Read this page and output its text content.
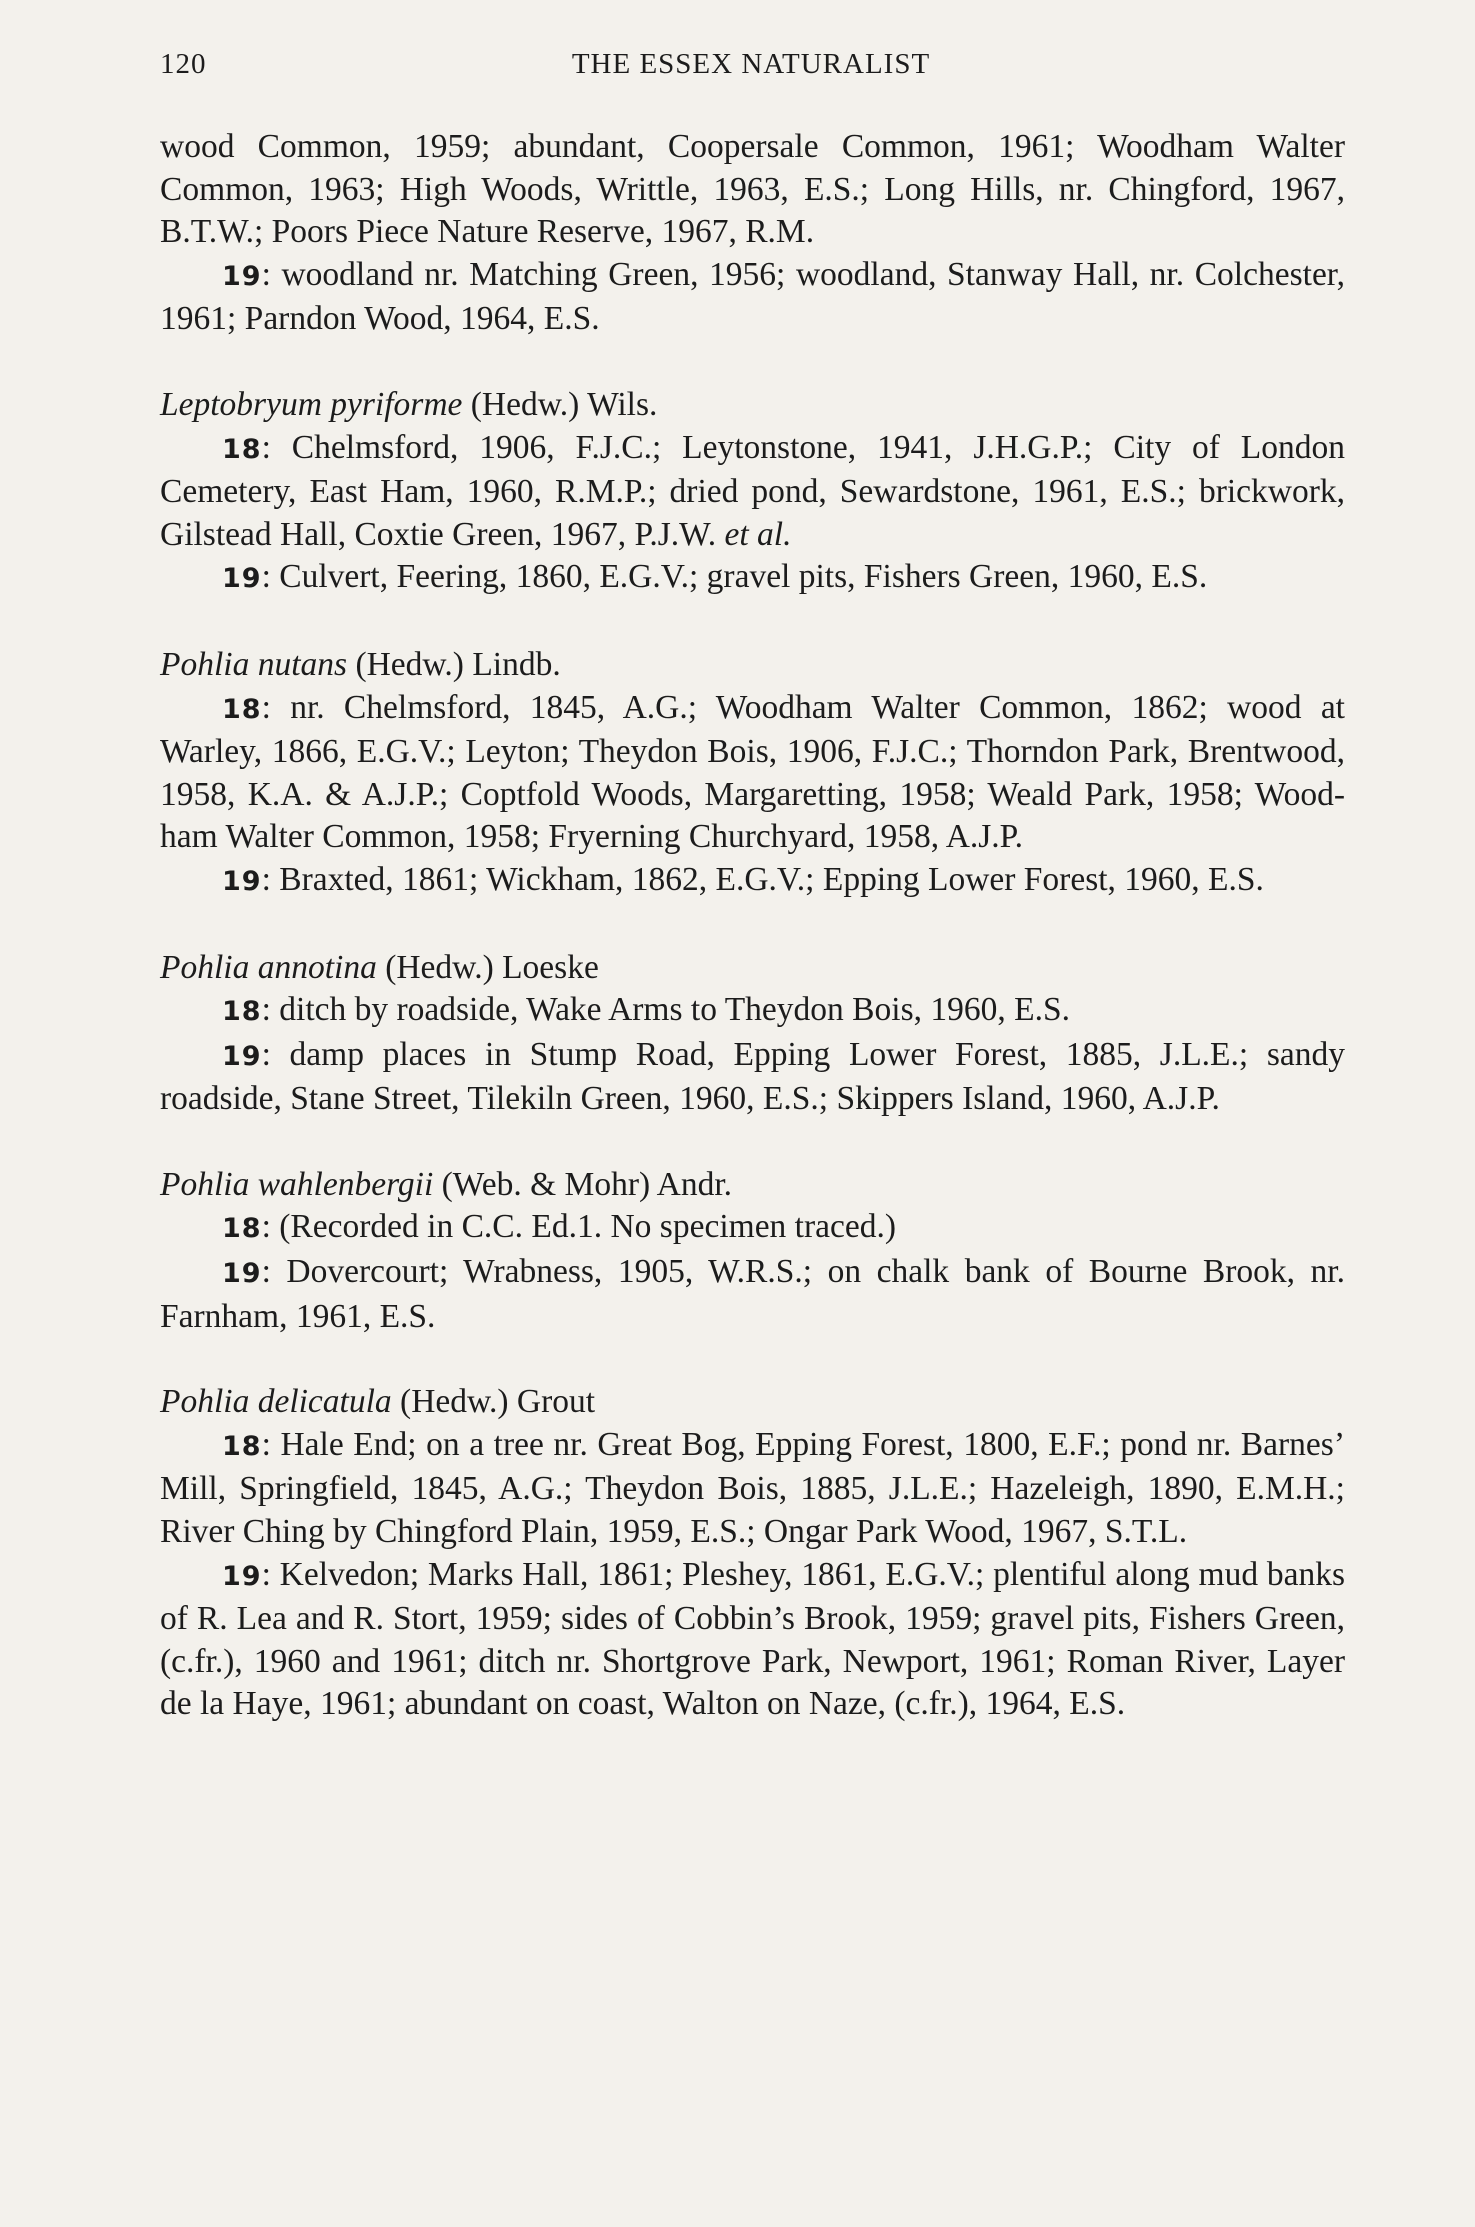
120	THE ESSEX NATURALIST

wood Common, 1959; abundant, Coopersale Common, 1961; Woodham Walter Common, 1963; High Woods, Writtle, 1963, E.S.; Long Hills, nr. Chingford, 1967, B.T.W.; Poors Piece Nature Reserve, 1967, R.M.

19: woodland nr. Matching Green, 1956; woodland, Stanway Hall, nr. Colchester, 1961; Parndon Wood, 1964, E.S.

Leptobryum pyriforme (Hedw.) Wils.

18: Chelmsford, 1906, F.J.C.; Leytonstone, 1941, J.H.G.P.; City of London Cemetery, East Ham, 1960, R.M.P.; dried pond, Sewardstone, 1961, E.S.; brickwork, Gilstead Hall, Coxtie Green, 1967, P.J.W. et al.

19: Culvert, Feering, 1860, E.G.V.; gravel pits, Fishers Green, 1960, E.S.

Pohlia nutans (Hedw.) Lindb.

18: nr. Chelmsford, 1845, A.G.; Woodham Walter Common, 1862; wood at Warley, 1866, E.G.V.; Leyton; Theydon Bois, 1906, F.J.C.; Thorndon Park, Brentwood, 1958, K.A. & A.J.P.; Coptfold Woods, Margaretting, 1958; Weald Park, 1958; Woodham Walter Common, 1958; Fryerning Churchyard, 1958, A.J.P.

19: Braxted, 1861; Wickham, 1862, E.G.V.; Epping Lower Forest, 1960, E.S.

Pohlia annotina (Hedw.) Loeske

18: ditch by roadside, Wake Arms to Theydon Bois, 1960, E.S.

19: damp places in Stump Road, Epping Lower Forest, 1885, J.L.E.; sandy roadside, Stane Street, Tilekiln Green, 1960, E.S.; Skippers Island, 1960, A.J.P.

Pohlia wahlenbergii (Web. & Mohr) Andr.

18: (Recorded in C.C. Ed.1. No specimen traced.)

19: Dovercourt; Wrabness, 1905, W.R.S.; on chalk bank of Bourne Brook, nr. Farnham, 1961, E.S.

Pohlia delicatula (Hedw.) Grout

18: Hale End; on a tree nr. Great Bog, Epping Forest, 1800, E.F.; pond nr. Barnes’ Mill, Springfield, 1845, A.G.; Theydon Bois, 1885, J.L.E.; Hazeleigh, 1890, E.M.H.; River Ching by Chingford Plain, 1959, E.S.; Ongar Park Wood, 1967, S.T.L.

19: Kelvedon; Marks Hall, 1861; Pleshey, 1861, E.G.V.; plentiful along mud banks of R. Lea and R. Stort, 1959; sides of Cobbin’s Brook, 1959; gravel pits, Fishers Green, (c.fr.), 1960 and 1961; ditch nr. Shortgrove Park, Newport, 1961; Roman River, Layer de la Haye, 1961; abundant on coast, Walton on Naze, (c.fr.), 1964, E.S.
